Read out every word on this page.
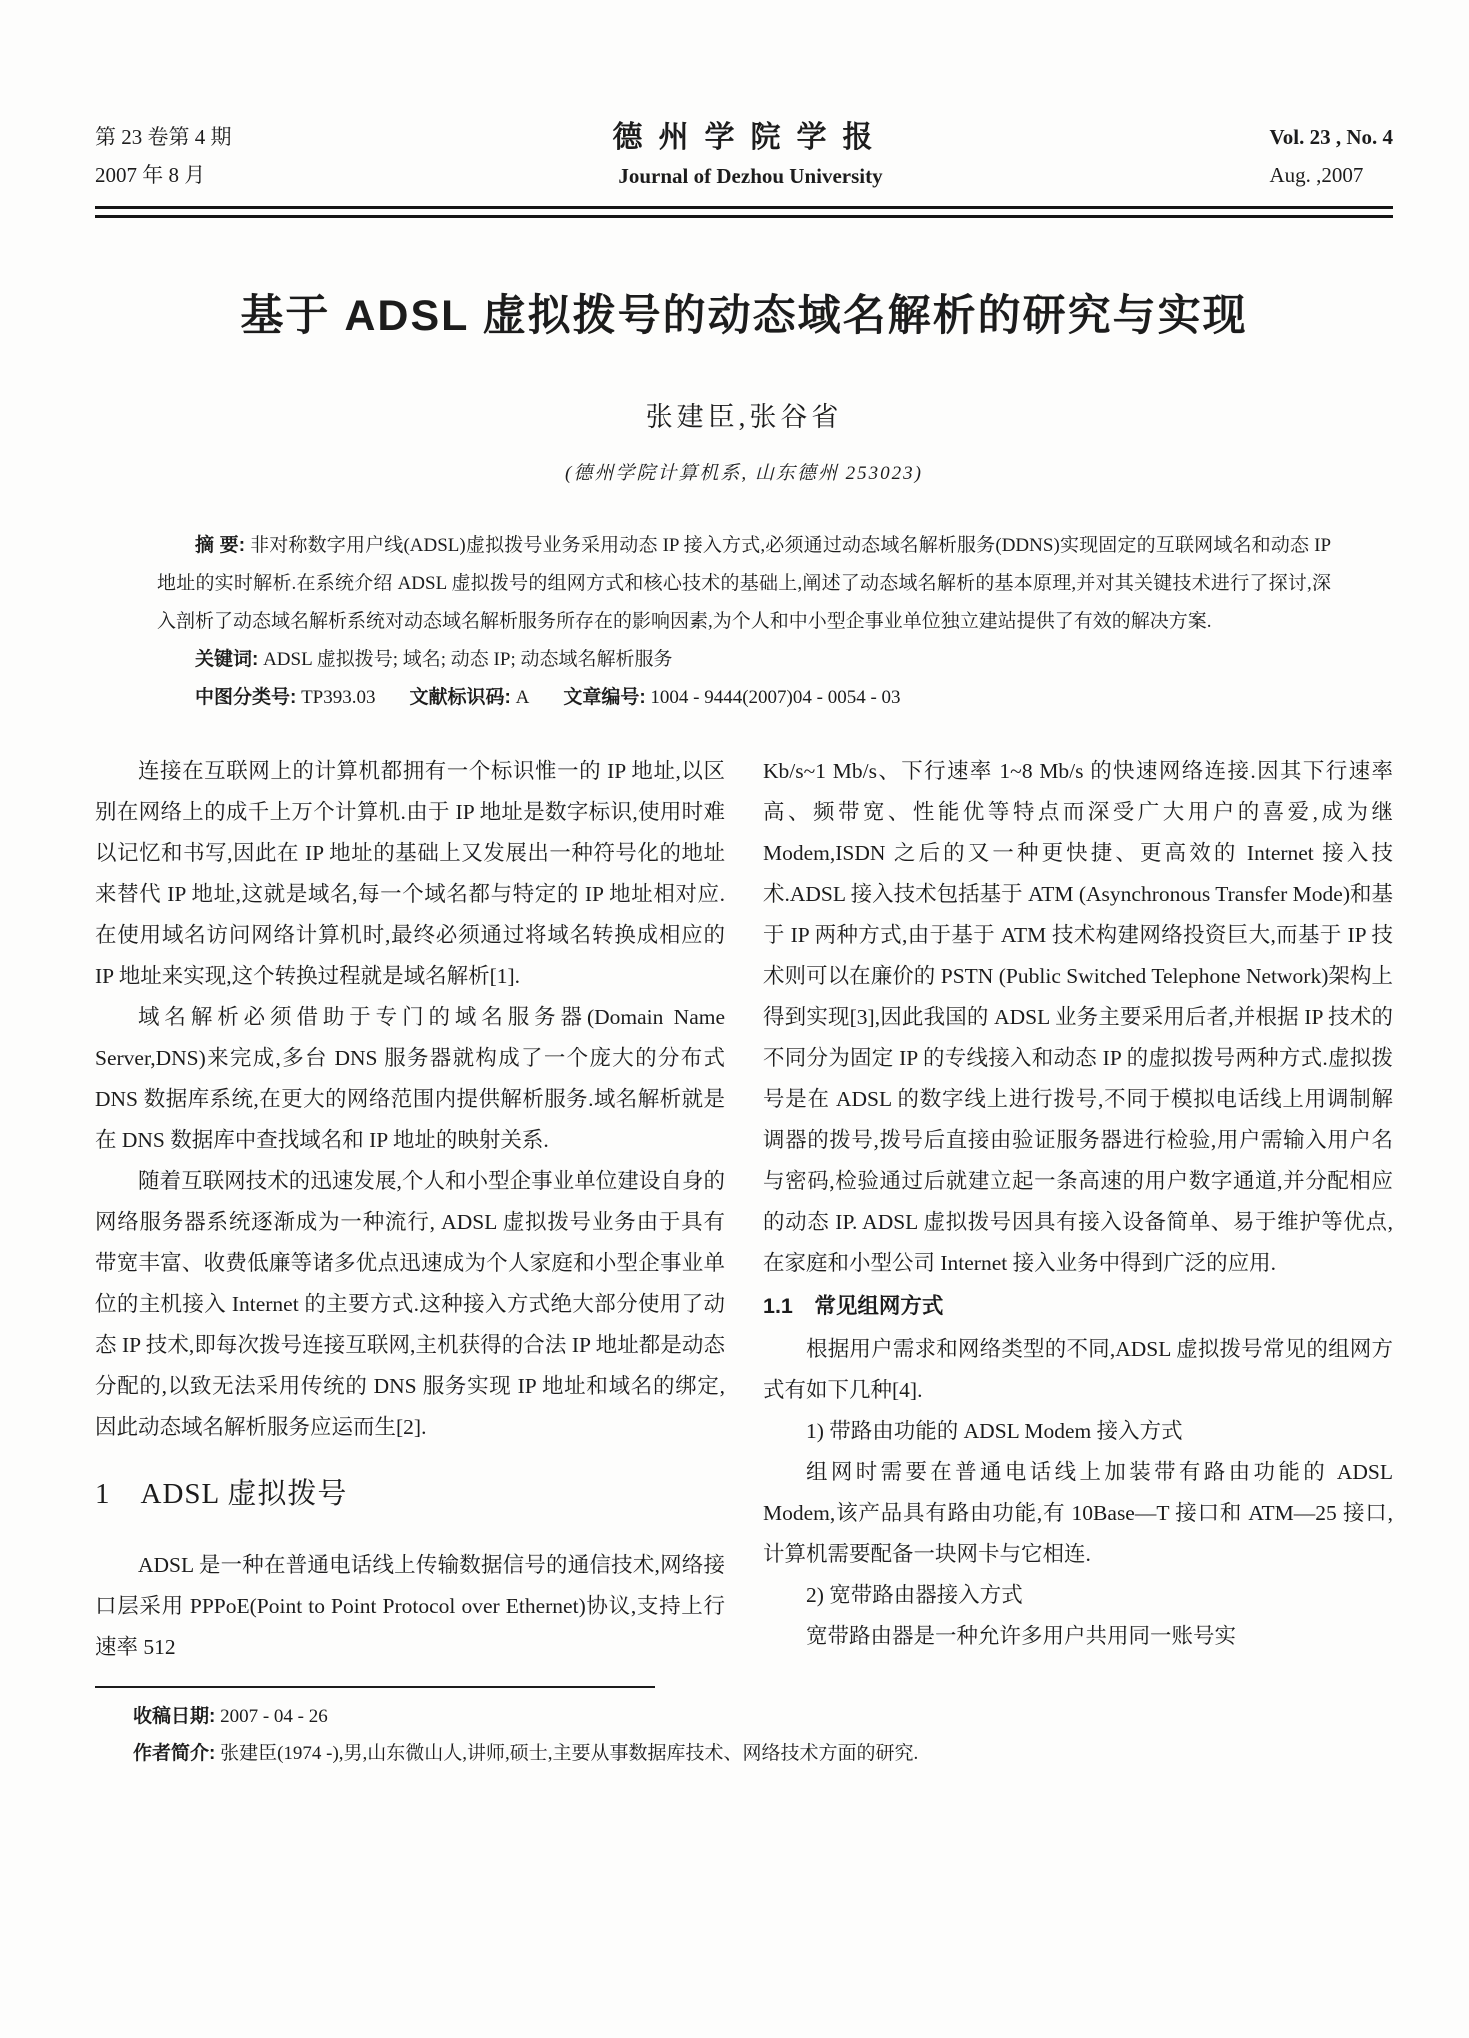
第 23 卷第 4 期
2007 年 8 月
德州学院学报
Journal of Dezhou University
Vol. 23 , No. 4
Aug. ,2007
基于 ADSL 虚拟拨号的动态域名解析的研究与实现
张建臣,张谷省
(德州学院计算机系, 山东德州 253023)

摘 要: 非对称数字用户线(ADSL)虚拟拨号业务采用动态 IP 接入方式,必须通过动态域名解析服务(DDNS)实现固定的互联网域名和动态 IP 地址的实时解析.在系统介绍 ADSL 虚拟拨号的组网方式和核心技术的基础上,阐述了动态域名解析的基本原理,并对其关键技术进行了探讨,深入剖析了动态域名解析系统对动态域名解析服务所存在的影响因素,为个人和中小型企事业单位独立建站提供了有效的解决方案.

关键词: ADSL 虚拟拨号; 域名; 动态 IP; 动态域名解析服务

中图分类号: TP393.03 文献标识码: A 文章编号: 1004 - 9444(2007)04 - 0054 - 03

连接在互联网上的计算机都拥有一个标识惟一的 IP 地址,以区别在网络上的成千上万个计算机.由于 IP 地址是数字标识,使用时难以记忆和书写,因此在 IP 地址的基础上又发展出一种符号化的地址来替代 IP 地址,这就是域名,每一个域名都与特定的 IP 地址相对应.在使用域名访问网络计算机时,最终必须通过将域名转换成相应的 IP 地址来实现,这个转换过程就是域名解析[1].

域名解析必须借助于专门的域名服务器(Domain Name Server,DNS)来完成,多台 DNS 服务器就构成了一个庞大的分布式 DNS 数据库系统,在更大的网络范围内提供解析服务.域名解析就是在 DNS 数据库中查找域名和 IP 地址的映射关系.

随着互联网技术的迅速发展,个人和小型企事业单位建设自身的网络服务器系统逐渐成为一种流行, ADSL 虚拟拨号业务由于具有带宽丰富、收费低廉等诸多优点迅速成为个人家庭和小型企事业单位的主机接入 Internet 的主要方式.这种接入方式绝大部分使用了动态 IP 技术,即每次拨号连接互联网,主机获得的合法 IP 地址都是动态分配的,以致无法采用传统的 DNS 服务实现 IP 地址和域名的绑定,因此动态域名解析服务应运而生[2].

1　ADSL 虚拟拨号

ADSL 是一种在普通电话线上传输数据信号的通信技术,网络接口层采用 PPPoE(Point to Point Protocol over Ethernet)协议,支持上行速率 512

Kb/s~1 Mb/s、下行速率 1~8 Mb/s 的快速网络连接.因其下行速率高、频带宽、性能优等特点而深受广大用户的喜爱,成为继 Modem,ISDN 之后的又一种更快捷、更高效的 Internet 接入技术.ADSL 接入技术包括基于 ATM (Asynchronous Transfer Mode)和基于 IP 两种方式,由于基于 ATM 技术构建网络投资巨大,而基于 IP 技术则可以在廉价的 PSTN (Public Switched Telephone Network)架构上得到实现[3],因此我国的 ADSL 业务主要采用后者,并根据 IP 技术的不同分为固定 IP 的专线接入和动态 IP 的虚拟拨号两种方式.虚拟拨号是在 ADSL 的数字线上进行拨号,不同于模拟电话线上用调制解调器的拨号,拨号后直接由验证服务器进行检验,用户需输入用户名与密码,检验通过后就建立起一条高速的用户数字通道,并分配相应的动态 IP. ADSL 虚拟拨号因具有接入设备简单、易于维护等优点,在家庭和小型公司 Internet 接入业务中得到广泛的应用.

1.1　常见组网方式

根据用户需求和网络类型的不同,ADSL 虚拟拨号常见的组网方式有如下几种[4].

1) 带路由功能的 ADSL Modem 接入方式

组网时需要在普通电话线上加装带有路由功能的 ADSL Modem,该产品具有路由功能,有 10Base—T 接口和 ATM—25 接口,计算机需要配备一块网卡与它相连.

2) 宽带路由器接入方式

宽带路由器是一种允许多用户共用同一账号实

收稿日期: 2007 - 04 - 26
作者简介: 张建臣(1974 -),男,山东微山人,讲师,硕士,主要从事数据库技术、网络技术方面的研究.
